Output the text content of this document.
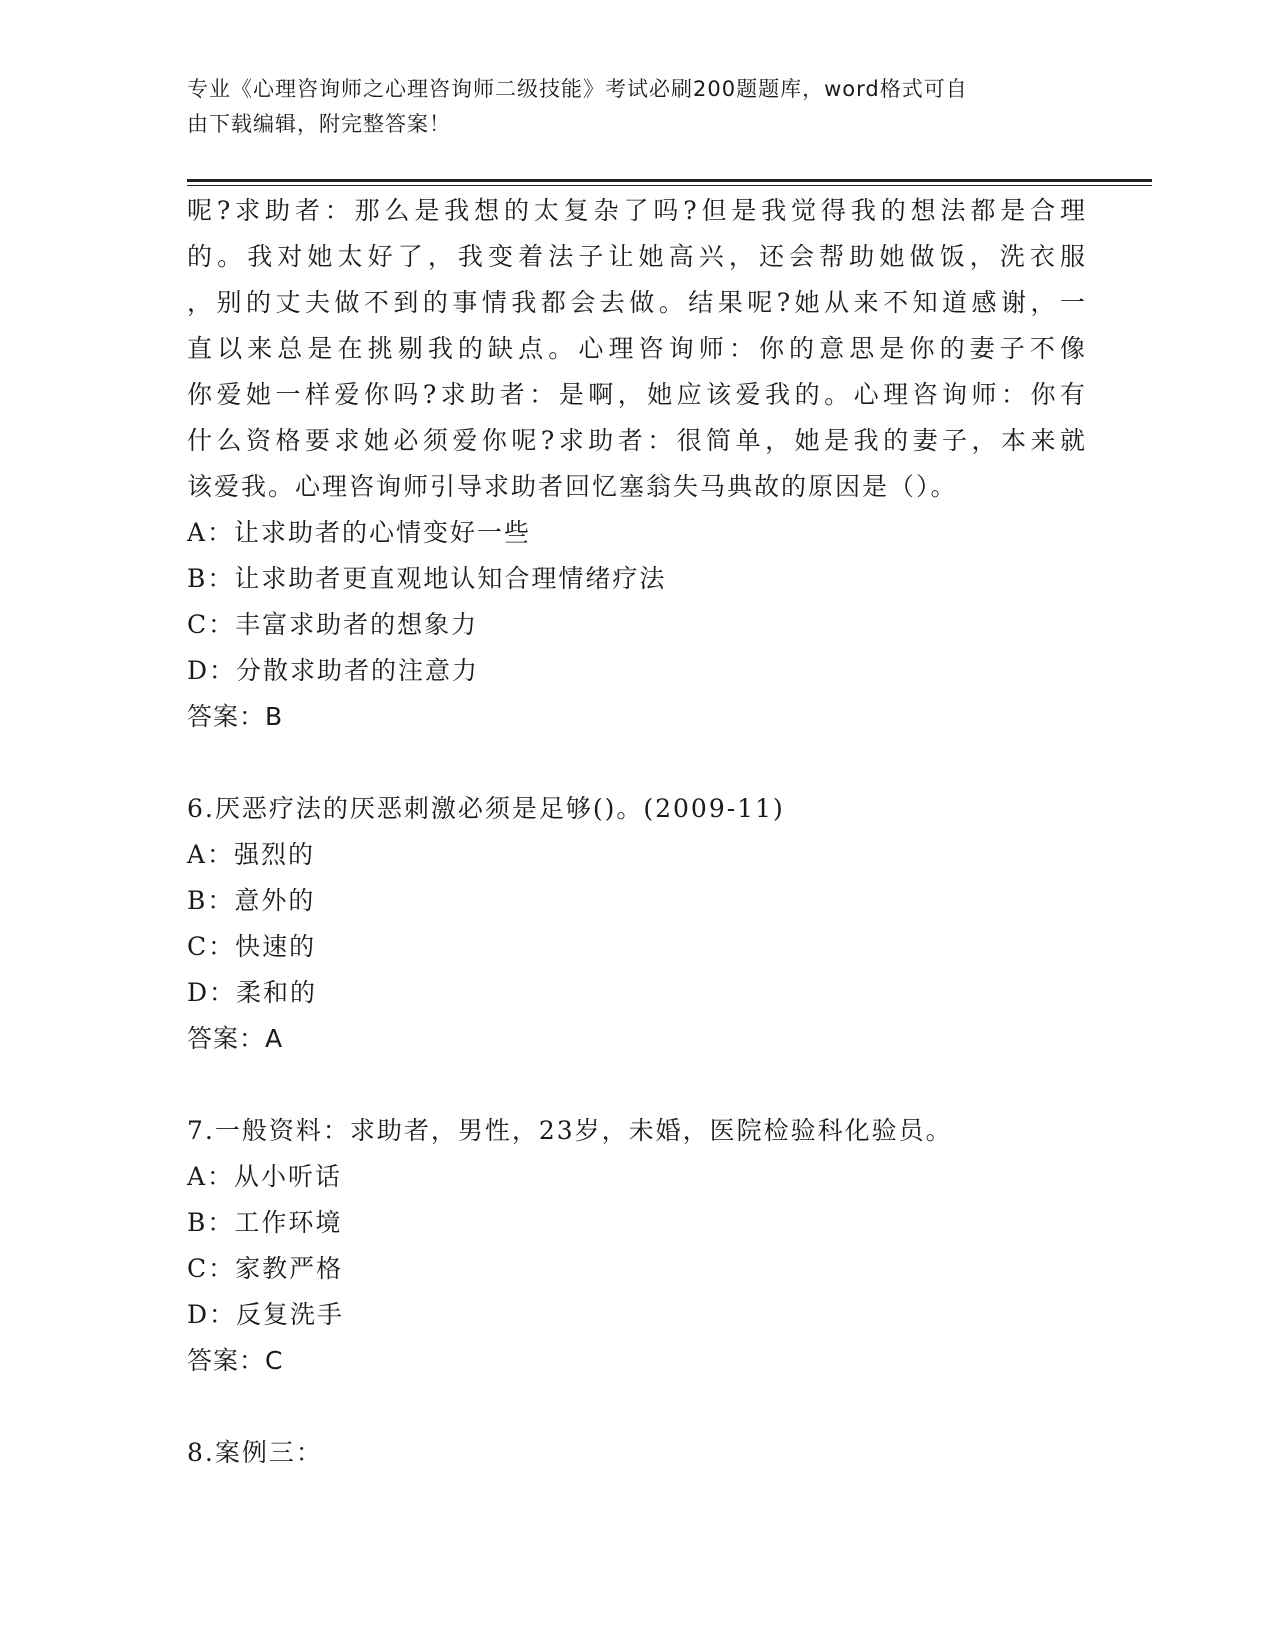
专业《心理咨询师之心理咨询师二级技能》考试必刷200题题库，word格式可自
由下载编辑，附完整答案！
呢?求助者：那么是我想的太复杂了吗?但是我觉得我的想法都是合理
的。我对她太好了，我变着法子让她高兴，还会帮助她做饭，洗衣服
，别的丈夫做不到的事情我都会去做。结果呢?她从来不知道感谢，一
直以来总是在挑剔我的缺点。心理咨询师：你的意思是你的妻子不像
你爱她一样爱你吗?求助者：是啊，她应该爱我的。心理咨询师：你有
什么资格要求她必须爱你呢?求助者：很简单，她是我的妻子，本来就
该爱我。心理咨询师引导求助者回忆塞翁失马典故的原因是（）。
A：让求助者的心情变好一些
B：让求助者更直观地认知合理情绪疗法
C：丰富求助者的想象力
D：分散求助者的注意力
答案：B
6.厌恶疗法的厌恶刺激必须是足够()。(2009-11)
A：强烈的
B：意外的
C：快速的
D：柔和的
答案：A
7.一般资料：求助者，男性，23岁，未婚，医院检验科化验员。
A：从小听话
B：工作环境
C：家教严格
D：反复洗手
答案：C
8.案例三：
